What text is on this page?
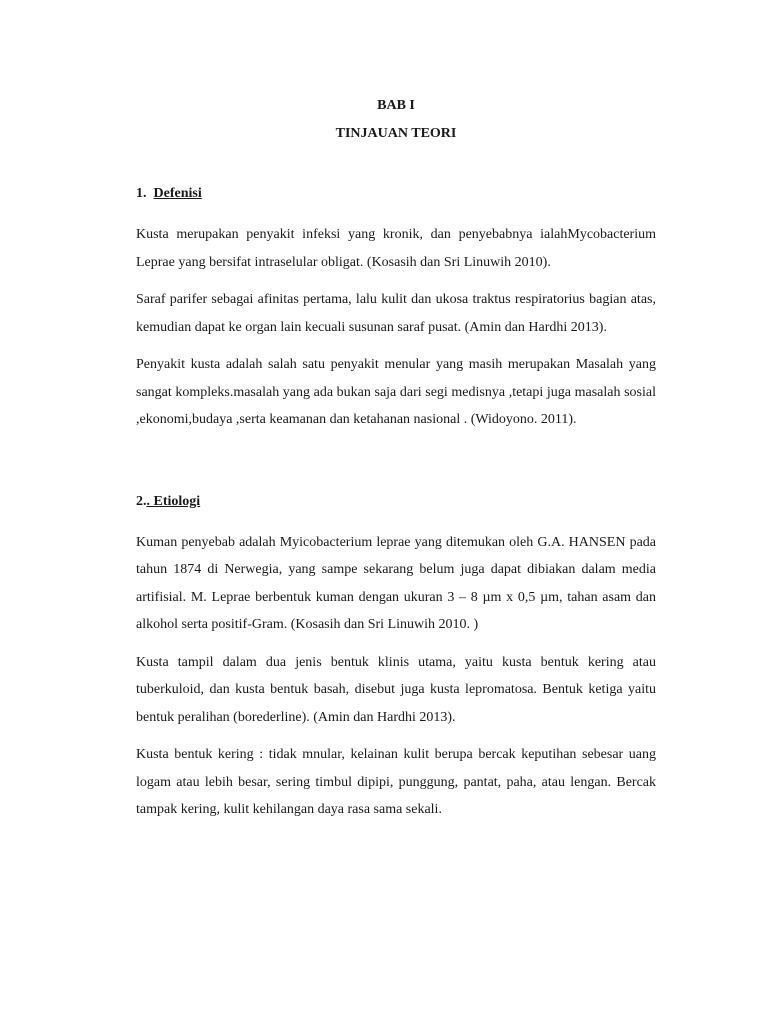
BAB I

TINJAUAN TEORI

1. Defenisi

Kusta merupakan penyakit infeksi yang kronik, dan penyebabnya ialahMycobacterium Leprae yang bersifat intraselular obligat. (Kosasih dan Sri Linuwih 2010).

Saraf parifer sebagai afinitas pertama, lalu kulit dan ukosa traktus respiratorius bagian atas, kemudian dapat ke organ lain kecuali susunan saraf pusat. (Amin dan Hardhi 2013).

Penyakit kusta adalah salah satu penyakit menular yang masih merupakan Masalah yang sangat kompleks.masalah yang ada bukan saja dari segi medisnya ,tetapi juga masalah sosial ,ekonomi,budaya ,serta keamanan dan ketahanan nasional . (Widoyono. 2011).

2.. Etiologi

Kuman penyebab adalah Myicobacterium leprae yang ditemukan oleh G.A. HANSEN pada tahun 1874 di Nerwegia, yang sampe sekarang belum juga dapat dibiakan dalam media artifisial. M. Leprae berbentuk kuman dengan ukuran 3 – 8 µm x 0,5 µm, tahan asam dan alkohol serta positif-Gram. (Kosasih dan Sri Linuwih 2010. )

Kusta tampil dalam dua jenis bentuk klinis utama, yaitu kusta bentuk kering atau tuberkuloid, dan kusta bentuk basah, disebut juga kusta lepromatosa. Bentuk ketiga yaitu bentuk peralihan (borederline). (Amin dan Hardhi 2013).

Kusta bentuk kering : tidak mnular, kelainan kulit berupa bercak keputihan sebesar uang logam atau lebih besar, sering timbul dipipi, punggung, pantat, paha, atau lengan. Bercak tampak kering, kulit kehilangan daya rasa sama sekali.
